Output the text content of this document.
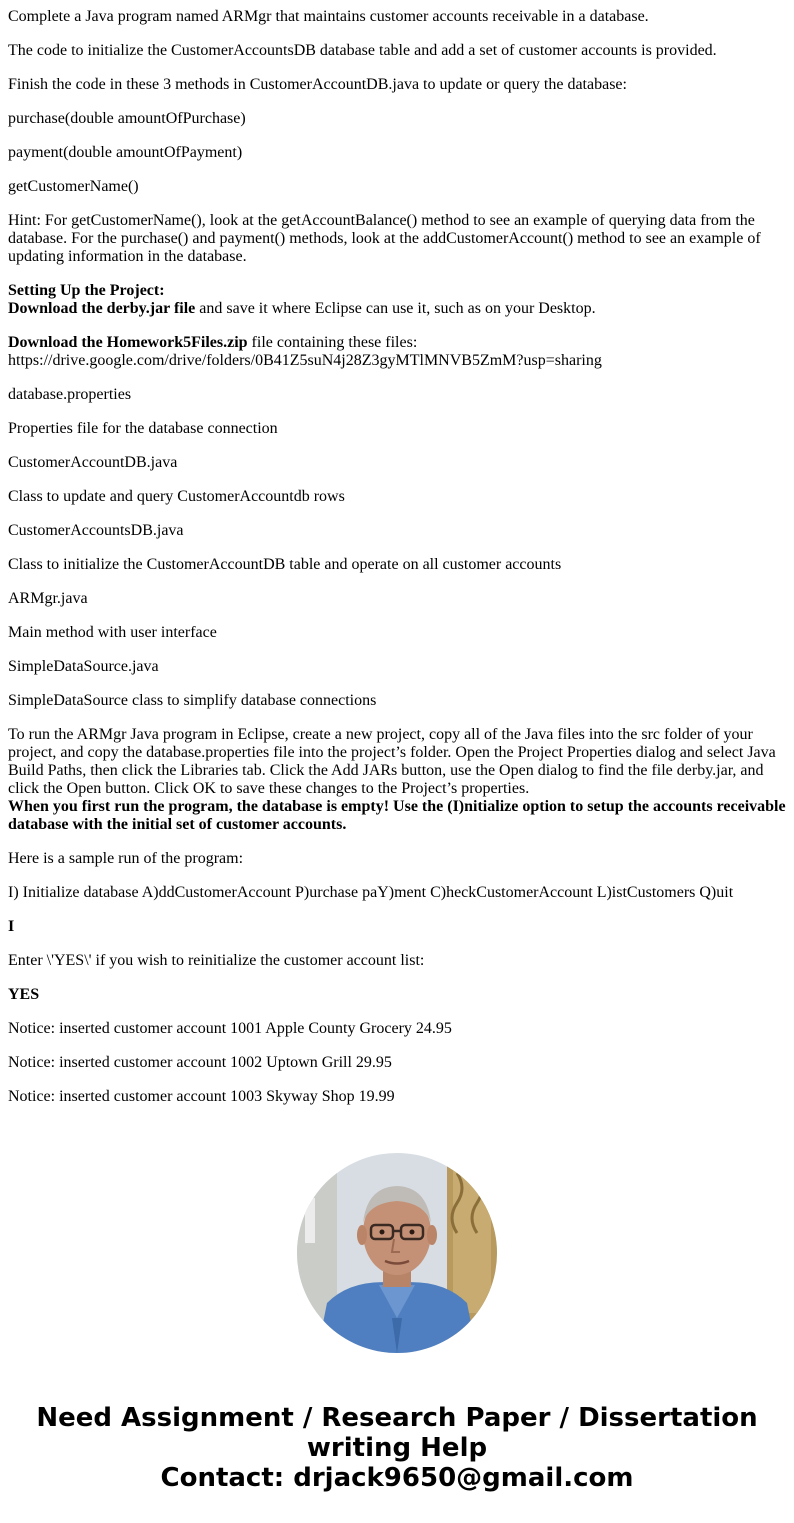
Complete a Java program named ARMgr that maintains customer accounts receivable in a database.

The code to initialize the CustomerAccountsDB database table and add a set of customer accounts is provided.

Finish the code in these 3 methods in CustomerAccountDB.java to update or query the database:

purchase(double amountOfPurchase)

payment(double amountOfPayment)

getCustomerName()

Hint: For getCustomerName(), look at the getAccountBalance() method to see an example of querying data from the database. For the purchase() and payment() methods, look at the addCustomerAccount() method to see an example of updating information in the database.

Setting Up the Project:
Download the derby.jar file and save it where Eclipse can use it, such as on your Desktop.

Download the Homework5Files.zip file containing these files:
https://drive.google.com/drive/folders/0B41Z5suN4j28Z3gyMTlMNVB5ZmM?usp=sharing

database.properties

Properties file for the database connection

CustomerAccountDB.java

Class to update and query CustomerAccountdb rows

CustomerAccountsDB.java

Class to initialize the CustomerAccountDB table and operate on all customer accounts

ARMgr.java

Main method with user interface

SimpleDataSource.java

SimpleDataSource class to simplify database connections

To run the ARMgr Java program in Eclipse, create a new project, copy all of the Java files into the src folder of your project, and copy the database.properties file into the project’s folder. Open the Project Properties dialog and select Java Build Paths, then click the Libraries tab. Click the Add JARs button, use the Open dialog to find the file derby.jar, and click the Open button. Click OK to save these changes to the Project’s properties.
When you first run the program, the database is empty! Use the (I)nitialize option to setup the accounts receivable database with the initial set of customer accounts.

Here is a sample run of the program:

I) Initialize database A)ddCustomerAccount P)urchase paY)ment C)heckCustomerAccount L)istCustomers Q)uit

I

Enter \'YES\' if you wish to reinitialize the customer account list:

YES

Notice: inserted customer account 1001 Apple County Grocery 24.95

Notice: inserted customer account 1002 Uptown Grill 29.95

Notice: inserted customer account 1003 Skyway Shop 19.99

Need Assignment / Research Paper / Dissertation
writing Help
Contact: drjack9650@gmail.com
